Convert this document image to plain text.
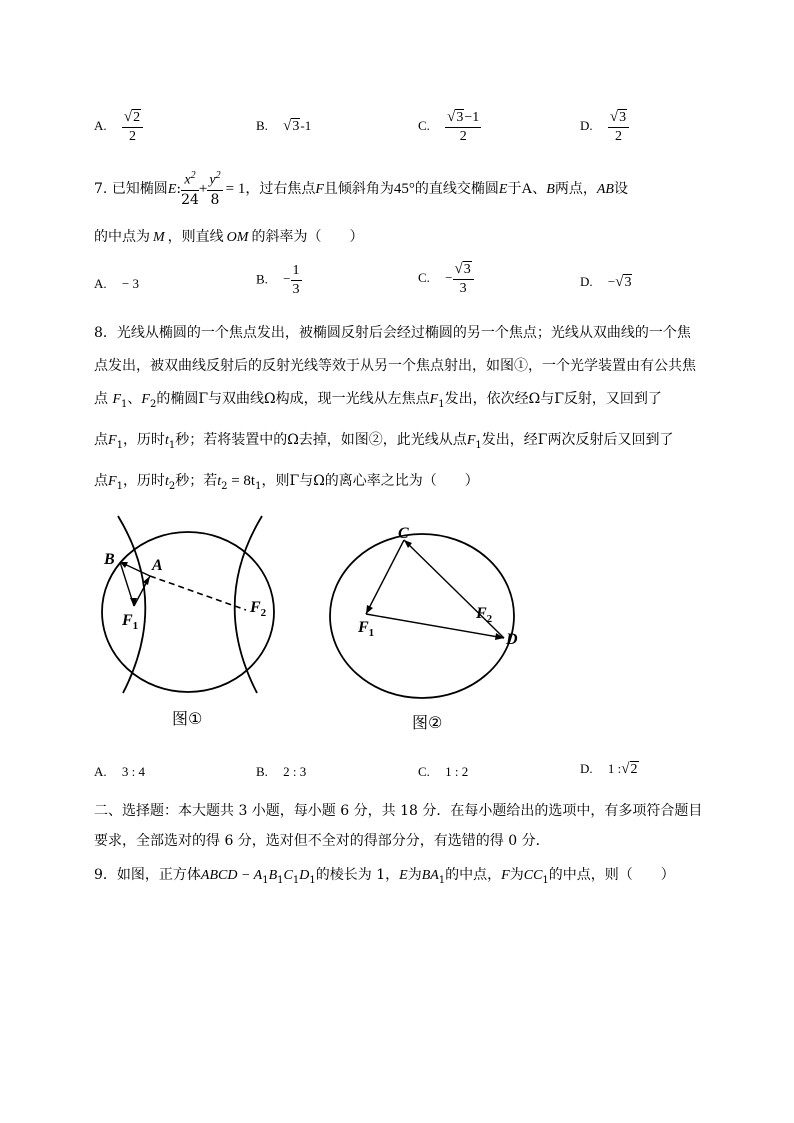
A. $\frac{√2}{2}$	B. √3-1	C. $\frac{√3-1}{2}$	D. $\frac{√3}{2}$
7. 已知椭圆E: $\frac{x^2}{24} + \frac{y^2}{8} = 1$，过右焦点F且倾斜角为45°的直线交椭圆E于A、B两点，AB设
的中点为 M ，则直线 OM 的斜率为（　　）
A. − 3	B. − $\frac{1}{3}$	C. − $\frac{√3}{3}$	D. −√3
8．光线从椭圆的一个焦点发出，被椭圆反射后会经过椭圆的另一个焦点；光线从双曲线的一个焦
点发出，被双曲线反射后的反射光线等效于从另一个焦点射出，如图①，一个光学装置由有公共焦
点 $F_1$、$F_2$的椭圆Γ与双曲线Ω构成，现一光线从左焦点$F_1$发出，依次经Ω与Γ反射，又回到了
点$F_1$，历时$t_1$秒；若将装置中的Ω去掉，如图②，此光线从点$F_1$发出，经Γ两次反射后又回到了
点$F_1$，历时$t_2$秒；若$t_2 = 8t_1$，则Γ与Ω的离心率之比为（　　）
B A
$F_1$
$F_2$
图①
C
$F_1$
$F_2$
D
图②
A. 3 : 4	B. 2 : 3	C. 1 : 2	D. 1 :√2
二、选择题：本大题共 3 小题，每小题 6 分，共 18 分．在每小题给出的选项中，有多项符合题目
要求，全部选对的得 6 分，选对但不全对的得部分分，有选错的得 0 分．
9．如图，正方体ABCD − $A_1B_1C_1D_1$的棱长为 1，E为$BA_1$的中点，F为$CC_1$的中点，则（　　）
